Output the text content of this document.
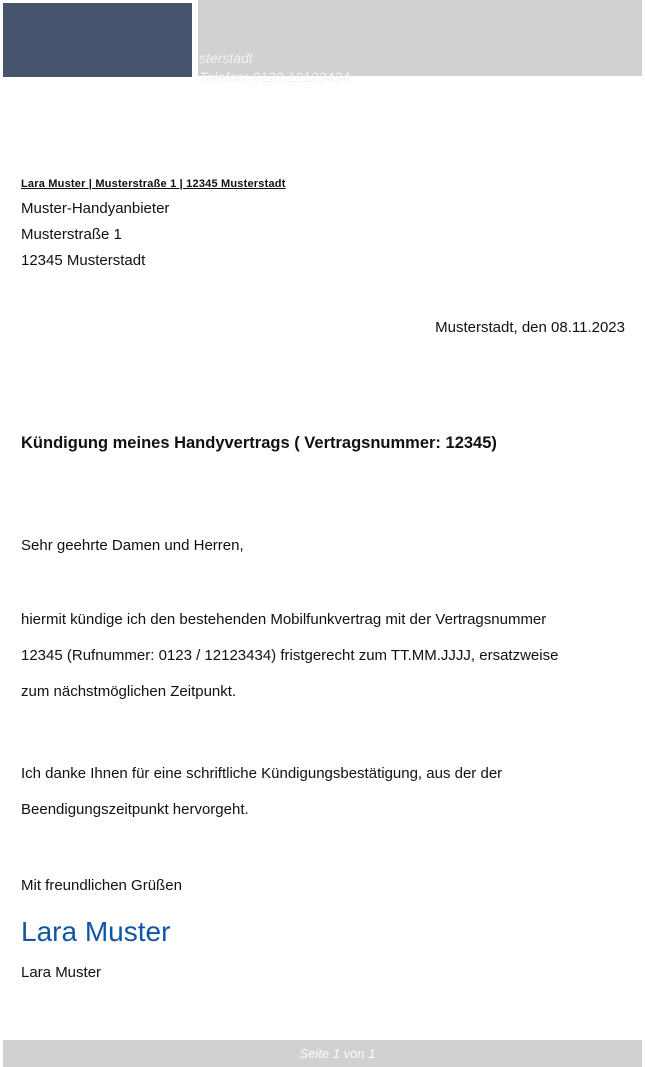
sterstadt
Telefon: 0123 12123434
Lara Muster | Musterstraße 1 | 12345 Musterstadt
Muster-Handyanbieter
Musterstraße 1
12345 Musterstadt
Musterstadt, den 08.11.2023
Kündigung meines Handyvertrags ( Vertragsnummer: 12345)
Sehr geehrte Damen und Herren,
hiermit kündige ich den bestehenden Mobilfunkvertrag mit der Vertragsnummer
12345 (Rufnummer: 0123 / 12123434) fristgerecht zum TT.MM.JJJJ, ersatzweise
zum nächstmöglichen Zeitpunkt.
Ich danke Ihnen für eine schriftliche Kündigungsbestätigung, aus der der
Beendigungszeitpunkt hervorgeht.
Mit freundlichen Grüßen
Lara Muster
Lara Muster
Seite 1 von 1
